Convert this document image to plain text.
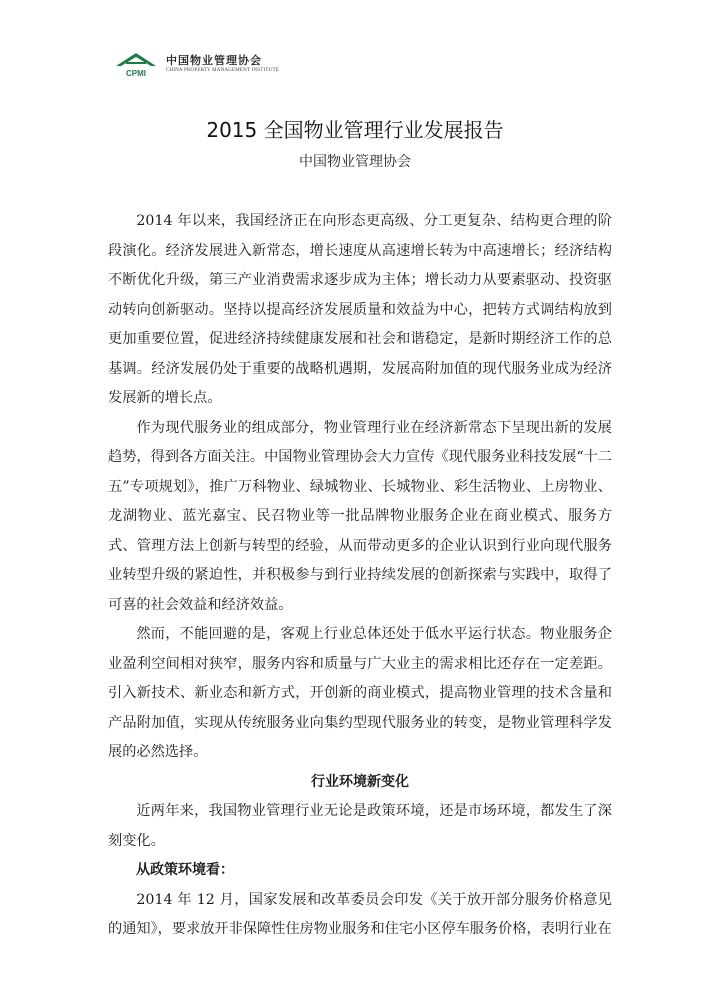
CPMI
中国物业管理协会
CHINA PROPERTY MANAGEMENT INSTITUTE
2015 全国物业管理行业发展报告
中国物业管理协会

2014 年以来，我国经济正在向形态更高级、分工更复杂、结构更合理的阶段演化。经济发展进入新常态，增长速度从高速增长转为中高速增长；经济结构不断优化升级，第三产业消费需求逐步成为主体；增长动力从要素驱动、投资驱动转向创新驱动。坚持以提高经济发展质量和效益为中心，把转方式调结构放到更加重要位置，促进经济持续健康发展和社会和谐稳定，是新时期经济工作的总基调。经济发展仍处于重要的战略机遇期，发展高附加值的现代服务业成为经济发展新的增长点。

作为现代服务业的组成部分，物业管理行业在经济新常态下呈现出新的发展趋势，得到各方面关注。中国物业管理协会大力宣传《现代服务业科技发展“十二五”专项规划》，推广万科物业、绿城物业、长城物业、彩生活物业、上房物业、龙湖物业、蓝光嘉宝、民召物业等一批品牌物业服务企业在商业模式、服务方式、管理方法上创新与转型的经验，从而带动更多的企业认识到行业向现代服务业转型升级的紧迫性，并积极参与到行业持续发展的创新探索与实践中，取得了可喜的社会效益和经济效益。

然而，不能回避的是，客观上行业总体还处于低水平运行状态。物业服务企业盈利空间相对狭窄，服务内容和质量与广大业主的需求相比还存在一定差距。引入新技术、新业态和新方式，开创新的商业模式，提高物业管理的技术含量和产品附加值，实现从传统服务业向集约型现代服务业的转变，是物业管理科学发展的必然选择。

行业环境新变化

近两年来，我国物业管理行业无论是政策环境，还是市场环境，都发生了深刻变化。

从政策环境看：

2014 年 12 月，国家发展和改革委员会印发《关于放开部分服务价格意见的通知》，要求放开非保障性住房物业服务和住宅小区停车服务价格，表明行业在
